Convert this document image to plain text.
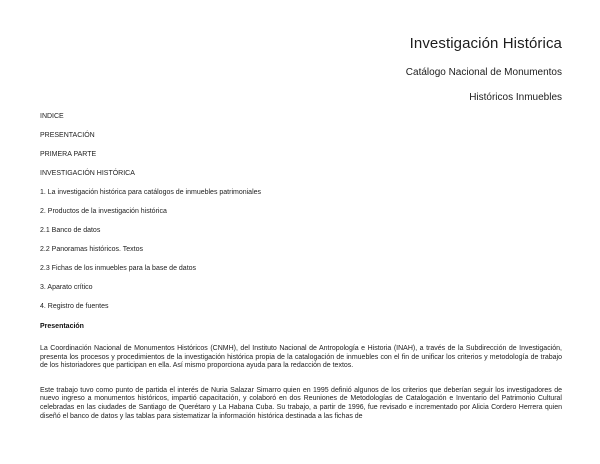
Investigación Histórica
Catálogo Nacional de Monumentos
Históricos Inmuebles
INDICE
PRESENTACIÓN
PRIMERA PARTE
INVESTIGACIÓN HISTÓRICA
1. La investigación histórica para catálogos de inmuebles patrimoniales
2. Productos de la investigación histórica
2.1 Banco de datos
2.2 Panoramas históricos. Textos
2.3 Fichas de los inmuebles para la base de datos
3. Aparato crítico
4. Registro de fuentes
Presentación

La Coordinación Nacional de Monumentos Históricos (CNMH), del Instituto Nacional de Antropología e Historia (INAH), a través de la Subdirección de Investigación, presenta los procesos y procedimientos de la investigación histórica propia de la catalogación de inmuebles con el fin de unificar los criterios y metodología de trabajo de los historiadores que participan en ella. Así mismo proporciona ayuda para la redacción de textos.

Este trabajo tuvo como punto de partida el interés de Nuria Salazar Simarro quien en 1995 definió algunos de los criterios que deberían seguir los investigadores de nuevo ingreso a monumentos históricos, impartió capacitación, y colaboró en dos Reuniones de Metodologías de Catalogación e Inventario del Patrimonio Cultural celebradas en las ciudades de Santiago de Querétaro y La Habana Cuba. Su trabajo, a partir de 1996, fue revisado e incrementado por Alicia Cordero Herrera quien diseñó el banco de datos y las tablas para sistematizar la información histórica destinada a las fichas de
